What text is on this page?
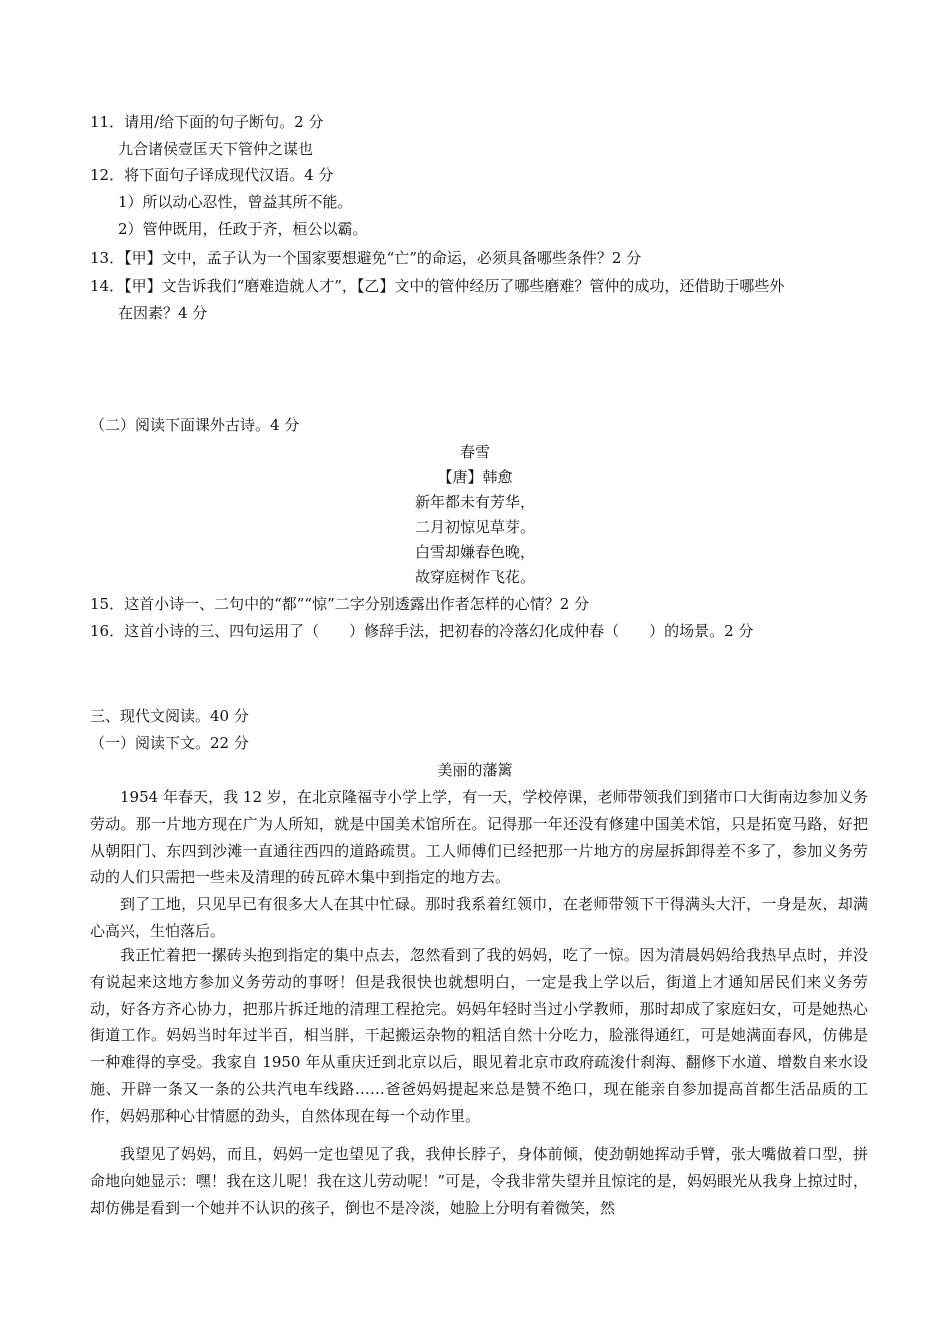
11．请用/给下面的句子断句。2 分
九合诸侯壹匡天下管仲之谋也
12．将下面句子译成现代汉语。4 分
1）所以动心忍性，曾益其所不能。
2）管仲既用，任政于齐，桓公以霸。
13．【甲】文中，孟子认为一个国家要想避免“亡”的命运，必须具备哪些条件？2 分
14．【甲】文告诉我们“磨难造就人才”，【乙】文中的管仲经历了哪些磨难？管仲的成功，还借助于哪些外
在因素？4 分
（二）阅读下面课外古诗。4 分
春雪
【唐】韩愈
新年都未有芳华，
二月初惊见草芽。
白雪却嫌春色晚，
故穿庭树作飞花。
15．这首小诗一、二句中的“都”“惊”二字分别透露出作者怎样的心情？2 分
16．这首小诗的三、四句运用了（　　）修辞手法，把初春的冷落幻化成仲春（　　）的场景。2 分
三、现代文阅读。40 分
（一）阅读下文。22 分
美丽的藩篱
1954 年春天，我 12 岁，在北京隆福寺小学上学，有一天，学校停课，老师带领我们到猪市口大街南边参加义务劳动。那一片地方现在广为人所知，就是中国美术馆所在。记得那一年还没有修建中国美术馆，只是拓宽马路，好把从朝阳门、东四到沙滩一直通往西四的道路疏贯。工人师傅们已经把那一片地方的房屋拆卸得差不多了，参加义务劳动的人们只需把一些未及清理的砖瓦碎木集中到指定的地方去。
到了工地，只见早已有很多大人在其中忙碌。那时我系着红领巾，在老师带领下干得满头大汗，一身是灰，却满心高兴，生怕落后。
我正忙着把一摞砖头抱到指定的集中点去，忽然看到了我的妈妈，吃了一惊。因为清晨妈妈给我热早点时，并没有说起来这地方参加义务劳动的事呀！但是我很快也就想明白，一定是我上学以后，街道上才通知居民们来义务劳动，好各方齐心协力，把那片拆迁地的清理工程抢完。妈妈年轻时当过小学教师，那时却成了家庭妇女，可是她热心街道工作。妈妈当时年过半百，相当胖，干起搬运杂物的粗活自然十分吃力，脸涨得通红，可是她满面春风，仿佛是一种难得的享受。我家自 1950 年从重庆迁到北京以后，眼见着北京市政府疏浚什刹海、翻修下水道、增数自来水设施、开辟一条又一条的公共汽电车线路……爸爸妈妈提起来总是赞不绝口，现在能亲自参加提高首都生活品质的工作，妈妈那种心甘情愿的劲头，自然体现在每一个动作里。
我望见了妈妈，而且，妈妈一定也望见了我，我伸长脖子，身体前倾，使劲朝她挥动手臂，张大嘴做着口型，拼命地向她显示：嘿！我在这儿呢！我在这儿劳动呢！”可是，令我非常失望并且惊诧的是，妈妈眼光从我身上掠过时，却仿佛是看到一个她并不认识的孩子，倒也不是冷淡，她脸上分明有着微笑，然
